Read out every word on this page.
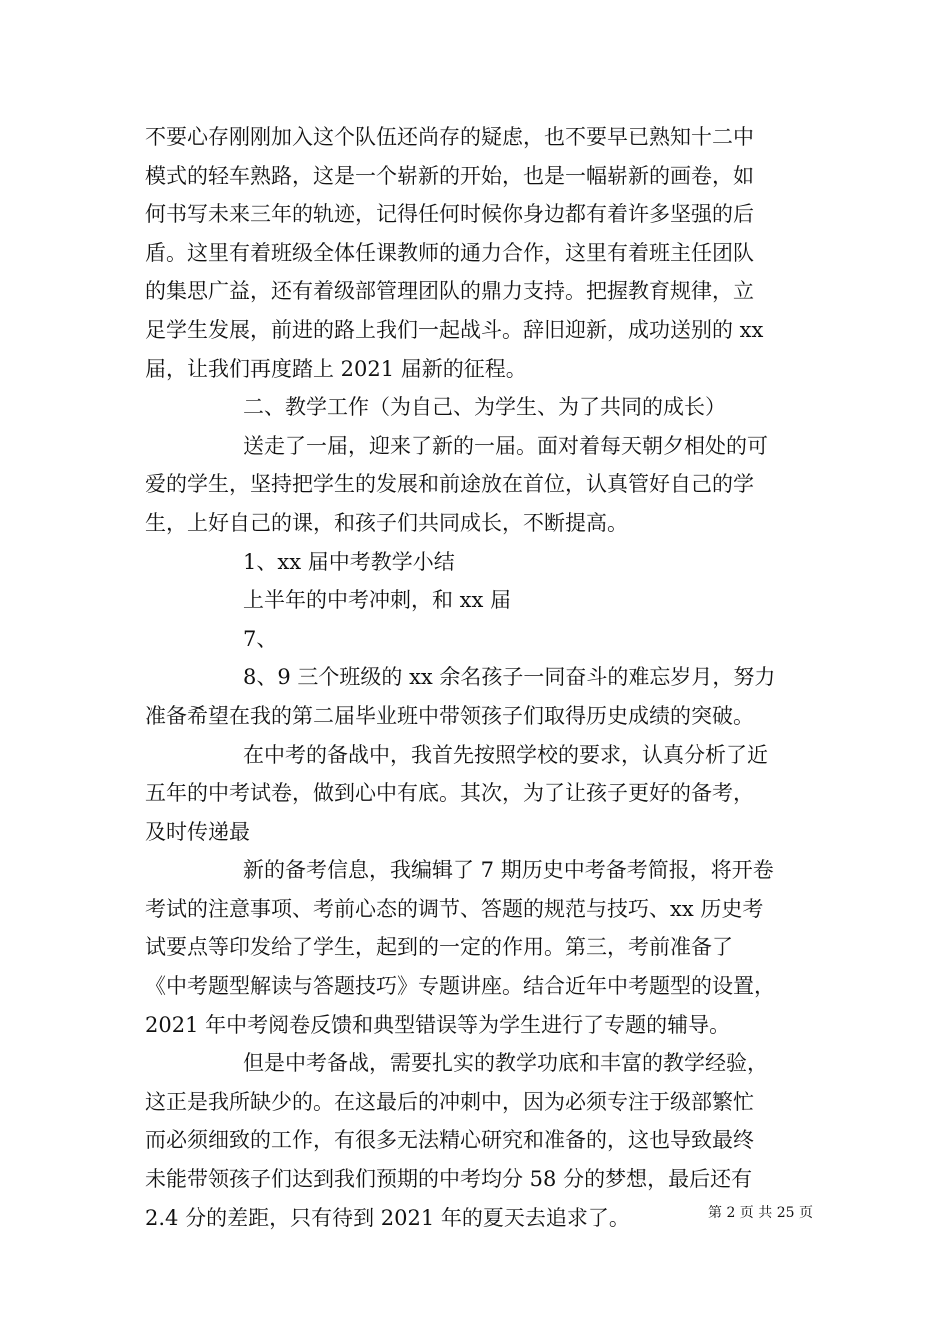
不要心存刚刚加入这个队伍还尚存的疑虑，也不要早已熟知十二中
模式的轻车熟路，这是一个崭新的开始，也是一幅崭新的画卷，如
何书写未来三年的轨迹，记得任何时候你身边都有着许多坚强的后
盾。这里有着班级全体任课教师的通力合作，这里有着班主任团队
的集思广益，还有着级部管理团队的鼎力支持。把握教育规律，立
足学生发展，前进的路上我们一起战斗。辞旧迎新，成功送别的 xx
届，让我们再度踏上 2021 届新的征程。
二、教学工作（为自己、为学生、为了共同的成长）
送走了一届，迎来了新的一届。面对着每天朝夕相处的可
爱的学生，坚持把学生的发展和前途放在首位，认真管好自己的学
生，上好自己的课，和孩子们共同成长，不断提高。
1、xx 届中考教学小结
上半年的中考冲刺，和 xx 届
7、
8、9 三个班级的 xx 余名孩子一同奋斗的难忘岁月，努力
准备希望在我的第二届毕业班中带领孩子们取得历史成绩的突破。
在中考的备战中，我首先按照学校的要求，认真分析了近
五年的中考试卷，做到心中有底。其次，为了让孩子更好的备考，
及时传递最
新的备考信息，我编辑了 7 期历史中考备考简报，将开卷
考试的注意事项、考前心态的调节、答题的规范与技巧、xx 历史考
试要点等印发给了学生，起到的一定的作用。第三，考前准备了
《中考题型解读与答题技巧》专题讲座。结合近年中考题型的设置，
2021 年中考阅卷反馈和典型错误等为学生进行了专题的辅导。
但是中考备战，需要扎实的教学功底和丰富的教学经验，
这正是我所缺少的。在这最后的冲刺中，因为必须专注于级部繁忙
而必须细致的工作，有很多无法精心研究和准备的，这也导致最终
未能带领孩子们达到我们预期的中考均分 58 分的梦想，最后还有
2.4 分的差距，只有待到 2021 年的夏天去追求了。	第 2 页 共 25 页
